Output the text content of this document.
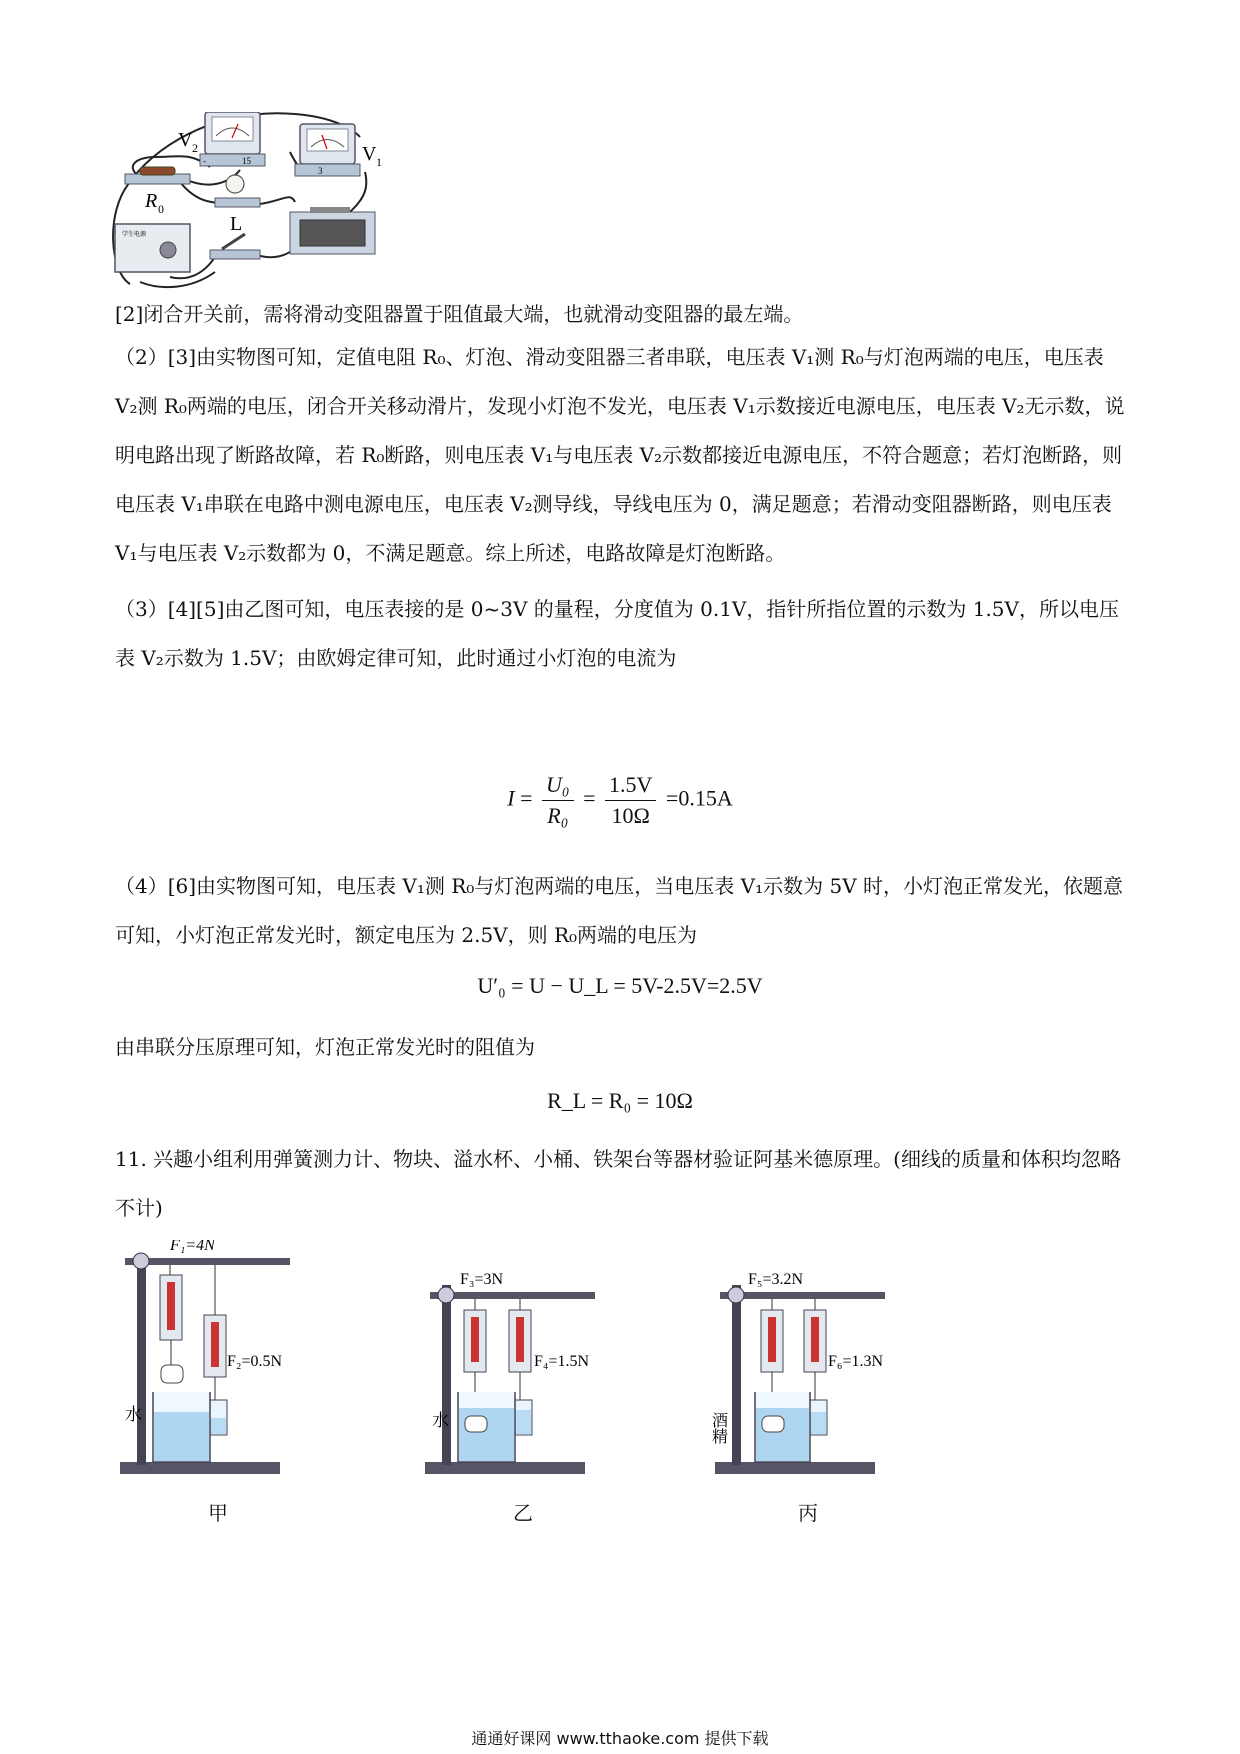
-	15
V 2
3
V 1
R 0
L
学生电源

[2]闭合开关前，需将滑动变阻器置于阻值最大端，也就滑动变阻器的最左端。

（2）[3]由实物图可知，定值电阻 R₀、灯泡、滑动变阻器三者串联，电压表 V₁测 R₀与灯泡两端的电压，电压表 V₂测 R₀两端的电压，闭合开关移动滑片，发现小灯泡不发光，电压表 V₁示数接近电源电压，电压表 V₂无示数，说明电路出现了断路故障，若 R₀断路，则电压表 V₁与电压表 V₂示数都接近电源电压，不符合题意；若灯泡断路，则电压表 V₁串联在电路中测电源电压，电压表 V₂测导线，导线电压为 0，满足题意；若滑动变阻器断路，则电压表 V₁与电压表 V₂示数都为 0，不满足题意。综上所述，电路故障是灯泡断路。

（3）[4][5]由乙图可知，电压表接的是 0~3V 的量程，分度值为 0.1V，指针所指位置的示数为 1.5V，所以电压表 V₂示数为 1.5V；由欧姆定律可知，此时通过小灯泡的电流为

$I = \frac{\text{U₀}}{\text{R₀}} = \frac{1.5V}{10\Omega} =0.15A$

（4）[6]由实物图可知，电压表 V₁测 R₀与灯泡两端的电压，当电压表 V₁示数为 5V 时，小灯泡正常发光，依题意可知，小灯泡正常发光时，额定电压为 2.5V，则 R₀两端的电压为

U′₀ = U − U_L = 5V-2.5V=2.5V

由串联分压原理可知，灯泡正常发光时的阻值为

R_L = R₀ = 10Ω

11. 兴趣小组利用弹簧测力计、物块、溢水杯、小桶、铁架台等器材验证阿基米德原理。(细线的质量和体积均忽略不计)

F₁=4N
F₂=0.5N
水
甲
F₃=3N
F₄=1.5N
水
乙
F₅=3.2N
F₆=1.3N
酒精
丙
通通好课网 www.tthaoke.com 提供下载
